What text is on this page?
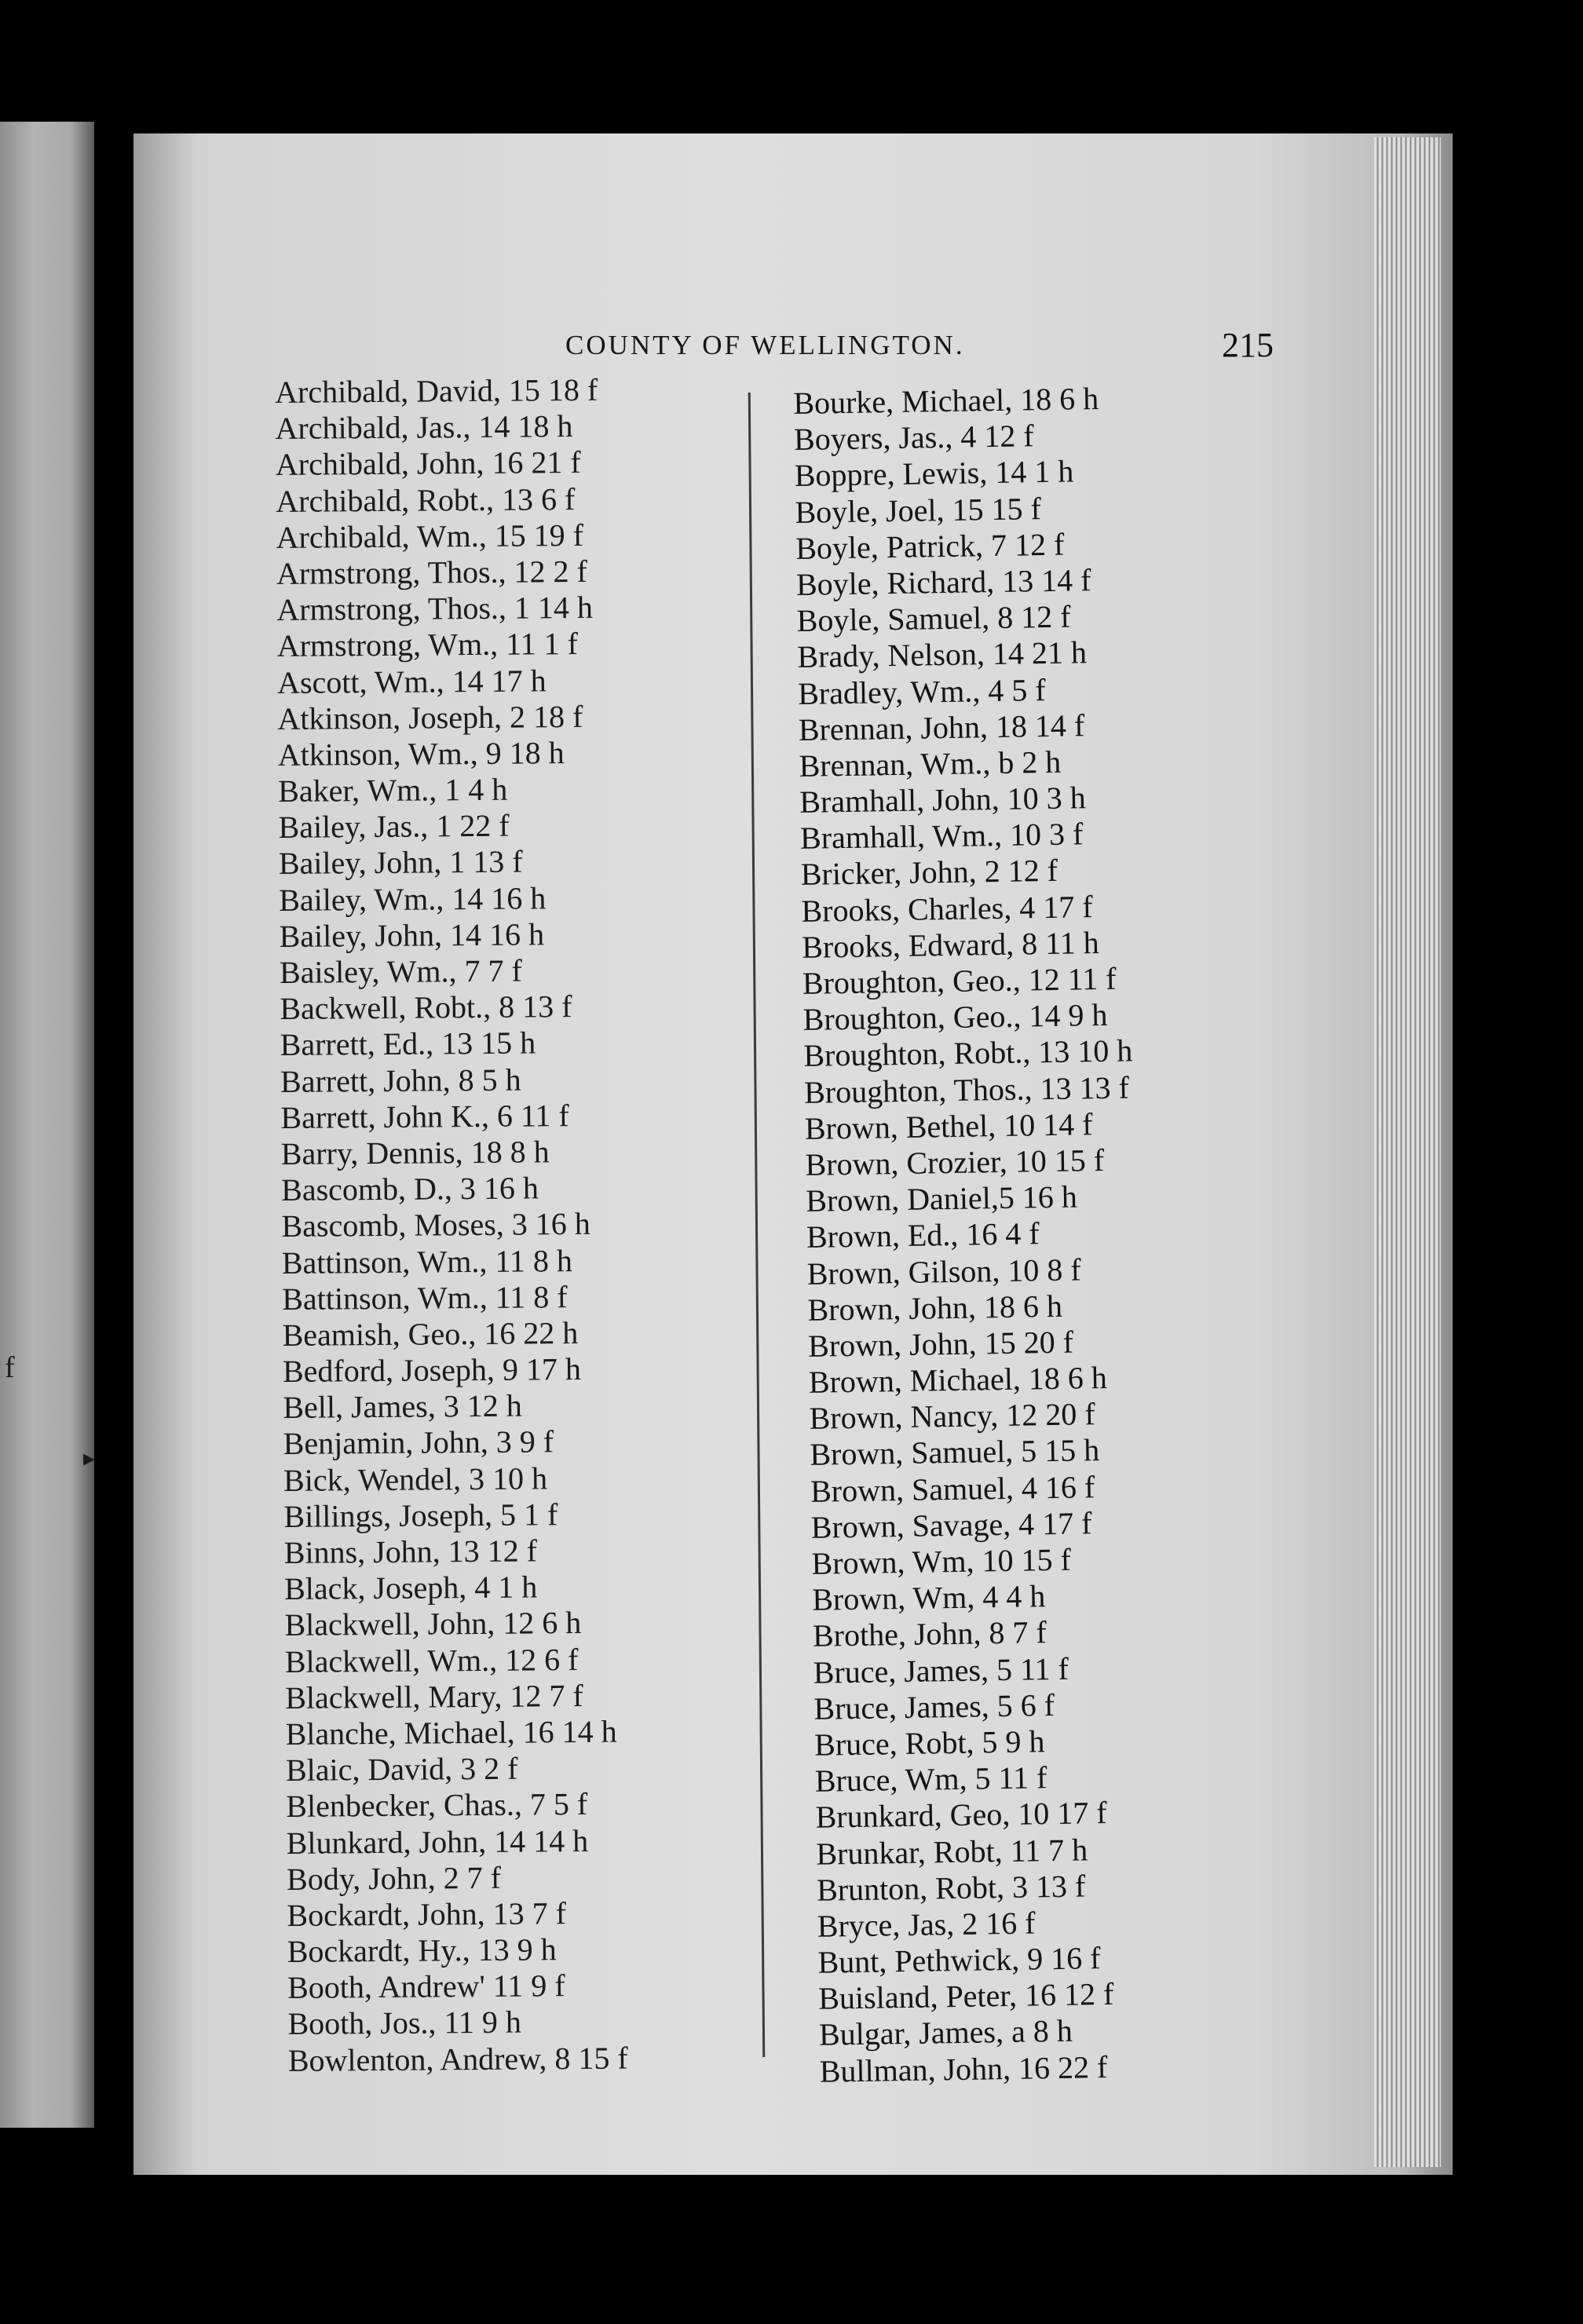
f
▸
COUNTY OF WELLINGTON.	215
Archibald, David, 15 18 f
Archibald, Jas., 14 18 h
Archibald, John, 16 21 f
Archibald, Robt., 13 6 f
Archibald, Wm., 15 19 f
Armstrong, Thos., 12 2 f
Armstrong, Thos., 1 14 h
Armstrong, Wm., 11 1 f
Ascott, Wm., 14 17 h
Atkinson, Joseph, 2 18 f
Atkinson, Wm., 9 18 h
Baker, Wm., 1 4 h
Bailey, Jas., 1 22 f
Bailey, John, 1 13 f
Bailey, Wm., 14 16 h
Bailey, John, 14 16 h
Baisley, Wm., 7 7 f
Backwell, Robt., 8 13 f
Barrett, Ed., 13 15 h
Barrett, John, 8 5 h
Barrett, John K., 6 11 f
Barry, Dennis, 18 8 h
Bascomb, D., 3 16 h
Bascomb, Moses, 3 16 h
Battinson, Wm., 11 8 h
Battinson, Wm., 11 8 f
Beamish, Geo., 16 22 h
Bedford, Joseph, 9 17 h
Bell, James, 3 12 h
Benjamin, John, 3 9 f
Bick, Wendel, 3 10 h
Billings, Joseph, 5 1 f
Binns, John, 13 12 f
Black, Joseph, 4 1 h
Blackwell, John, 12 6 h
Blackwell, Wm., 12 6 f
Blackwell, Mary, 12 7 f
Blanche, Michael, 16 14 h
Blaic, David, 3 2 f
Blenbecker, Chas., 7 5 f
Blunkard, John, 14 14 h
Body, John, 2 7 f
Bockardt, John, 13 7 f
Bockardt, Hy., 13 9 h
Booth, Andrew' 11 9 f
Booth, Jos., 11 9 h
Bowlenton, Andrew, 8 15 f
Bourke, Michael, 18 6 h
Boyers, Jas., 4 12 f
Boppre, Lewis, 14 1 h
Boyle, Joel, 15 15 f
Boyle, Patrick, 7 12 f
Boyle, Richard, 13 14 f
Boyle, Samuel, 8 12 f
Brady, Nelson, 14 21 h
Bradley, Wm., 4 5 f
Brennan, John, 18 14 f
Brennan, Wm., b 2 h
Bramhall, John, 10 3 h
Bramhall, Wm., 10 3 f
Bricker, John, 2 12 f
Brooks, Charles, 4 17 f
Brooks, Edward, 8 11 h
Broughton, Geo., 12 11 f
Broughton, Geo., 14 9 h
Broughton, Robt., 13 10 h
Broughton, Thos., 13 13 f
Brown, Bethel, 10 14 f
Brown, Crozier, 10 15 f
Brown, Daniel,5 16 h
Brown, Ed., 16 4 f
Brown, Gilson, 10 8 f
Brown, John, 18 6 h
Brown, John, 15 20 f
Brown, Michael, 18 6 h
Brown, Nancy, 12 20 f
Brown, Samuel, 5 15 h
Brown, Samuel, 4 16 f
Brown, Savage, 4 17 f
Brown, Wm, 10 15 f
Brown, Wm, 4 4 h
Brothe, John, 8 7 f
Bruce, James, 5 11 f
Bruce, James, 5 6 f
Bruce, Robt, 5 9 h
Bruce, Wm, 5 11 f
Brunkard, Geo, 10 17 f
Brunkar, Robt, 11 7 h
Brunton, Robt, 3 13 f
Bryce, Jas, 2 16 f
Bunt, Pethwick, 9 16 f
Buisland, Peter, 16 12 f
Bulgar, James, a 8 h
Bullman, John, 16 22 f
